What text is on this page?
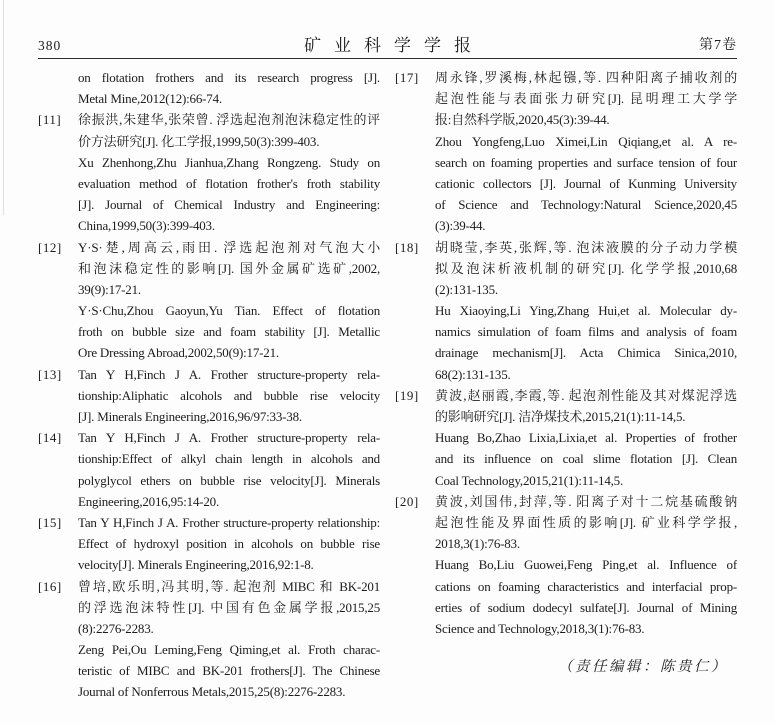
380	矿业科学学报	第7卷
on flotation frothers and its research progress [J].
Metal Mine,2012(12):66-74.
[11] 徐振洪,朱建华,张荣曾. 浮选起泡剂泡沫稳定性的评
价方法研究[J]. 化工学报,1999,50(3):399-403.
Xu Zhenhong,Zhu Jianhua,Zhang Rongzeng. Study on
evaluation method of flotation frother's froth stability
[J]. Journal of Chemical Industry and Engineering:
China,1999,50(3):399-403.
[12] Y·S·楚,周高云,雨田. 浮选起泡剂对气泡大小
和泡沫稳定性的影响[J]. 国外金属矿选矿,2002,
39(9):17-21.
Y·S·Chu,Zhou Gaoyun,Yu Tian. Effect of flotation
froth on bubble size and foam stability [J]. Metallic
Ore Dressing Abroad,2002,50(9):17-21.
[13] Tan Y H,Finch J A. Frother structure-property rela-
tionship:Aliphatic alcohols and bubble rise velocity
[J]. Minerals Engineering,2016,96/97:33-38.
[14] Tan Y H,Finch J A. Frother structure-property rela-
tionship:Effect of alkyl chain length in alcohols and
polyglycol ethers on bubble rise velocity[J]. Minerals
Engineering,2016,95:14-20.
[15] Tan Y H,Finch J A. Frother structure-property relationship:
Effect of hydroxyl position in alcohols on bubble rise
velocity[J]. Minerals Engineering,2016,92:1-8.
[16] 曾培,欧乐明,冯其明,等. 起泡剂 MIBC 和 BK-201
的浮选泡沫特性[J]. 中国有色金属学报,2015,25
(8):2276-2283.
Zeng Pei,Ou Leming,Feng Qiming,et al. Froth charac-
teristic of MIBC and BK-201 frothers[J]. The Chinese
Journal of Nonferrous Metals,2015,25(8):2276-2283.
[17] 周永锋,罗溪梅,林起镪,等. 四种阳离子捕收剂的
起泡性能与表面张力研究[J]. 昆明理工大学学
报:自然科学版,2020,45(3):39-44.
Zhou Yongfeng,Luo Ximei,Lin Qiqiang,et al. A re-
search on foaming properties and surface tension of four
cationic collectors [J]. Journal of Kunming University
of Science and Technology:Natural Science,2020,45
(3):39-44.
[18] 胡晓莹,李英,张辉,等. 泡沫液膜的分子动力学模
拟及泡沫析液机制的研究[J]. 化学学报,2010,68
(2):131-135.
Hu Xiaoying,Li Ying,Zhang Hui,et al. Molecular dy-
namics simulation of foam films and analysis of foam
drainage mechanism[J]. Acta Chimica Sinica,2010,
68(2):131-135.
[19] 黄波,赵丽霞,李霞,等. 起泡剂性能及其对煤泥浮选
的影响研究[J]. 洁净煤技术,2015,21(1):11-14,5.
Huang Bo,Zhao Lixia,Lixia,et al. Properties of frother
and its influence on coal slime flotation [J]. Clean
Coal Technology,2015,21(1):11-14,5.
[20] 黄波,刘国伟,封萍,等. 阳离子对十二烷基硫酸钠
起泡性能及界面性质的影响[J]. 矿业科学学报,
2018,3(1):76-83.
Huang Bo,Liu Guowei,Feng Ping,et al. Influence of
cations on foaming characteristics and interfacial prop-
erties of sodium dodecyl sulfate[J]. Journal of Mining
Science and Technology,2018,3(1):76-83.
（责任编辑：陈贵仁）
